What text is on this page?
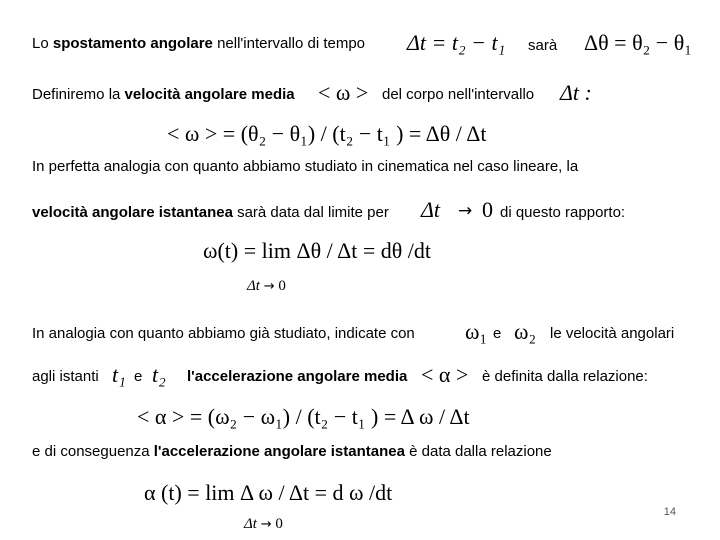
Lo spostamento angolare nell'intervallo di tempo Δt = t₂ − t₁ sarà Δθ = θ₂ − θ₁
Definiremo la velocità angolare media < ω > del corpo nell'intervallo Δt :
< ω > = (θ₂ − θ₁) / (t₂ − t₁ ) = Δθ / Δt
In perfetta analogia con quanto abbiamo studiato in cinematica nel caso lineare, la
velocità angolare istantanea sarà data dal limite per Δt → 0 di questo rapporto:
ω(t) = lim Δθ / Δt = dθ /dt
Δt → 0
In analogia con quanto abbiamo già studiato, indicate con ω₁ e ω₂ le velocità angolari
agli istanti t₁ e t₂ l'accelerazione angolare media < α > è definita dalla relazione:
< α > = (ω₂ − ω₁) / (t₂ − t₁ ) = Δ ω / Δt
e di conseguenza l'accelerazione angolare istantanea è data dalla relazione
α (t) = lim Δ ω / Δt = d ω /dt
Δt → 0
14
